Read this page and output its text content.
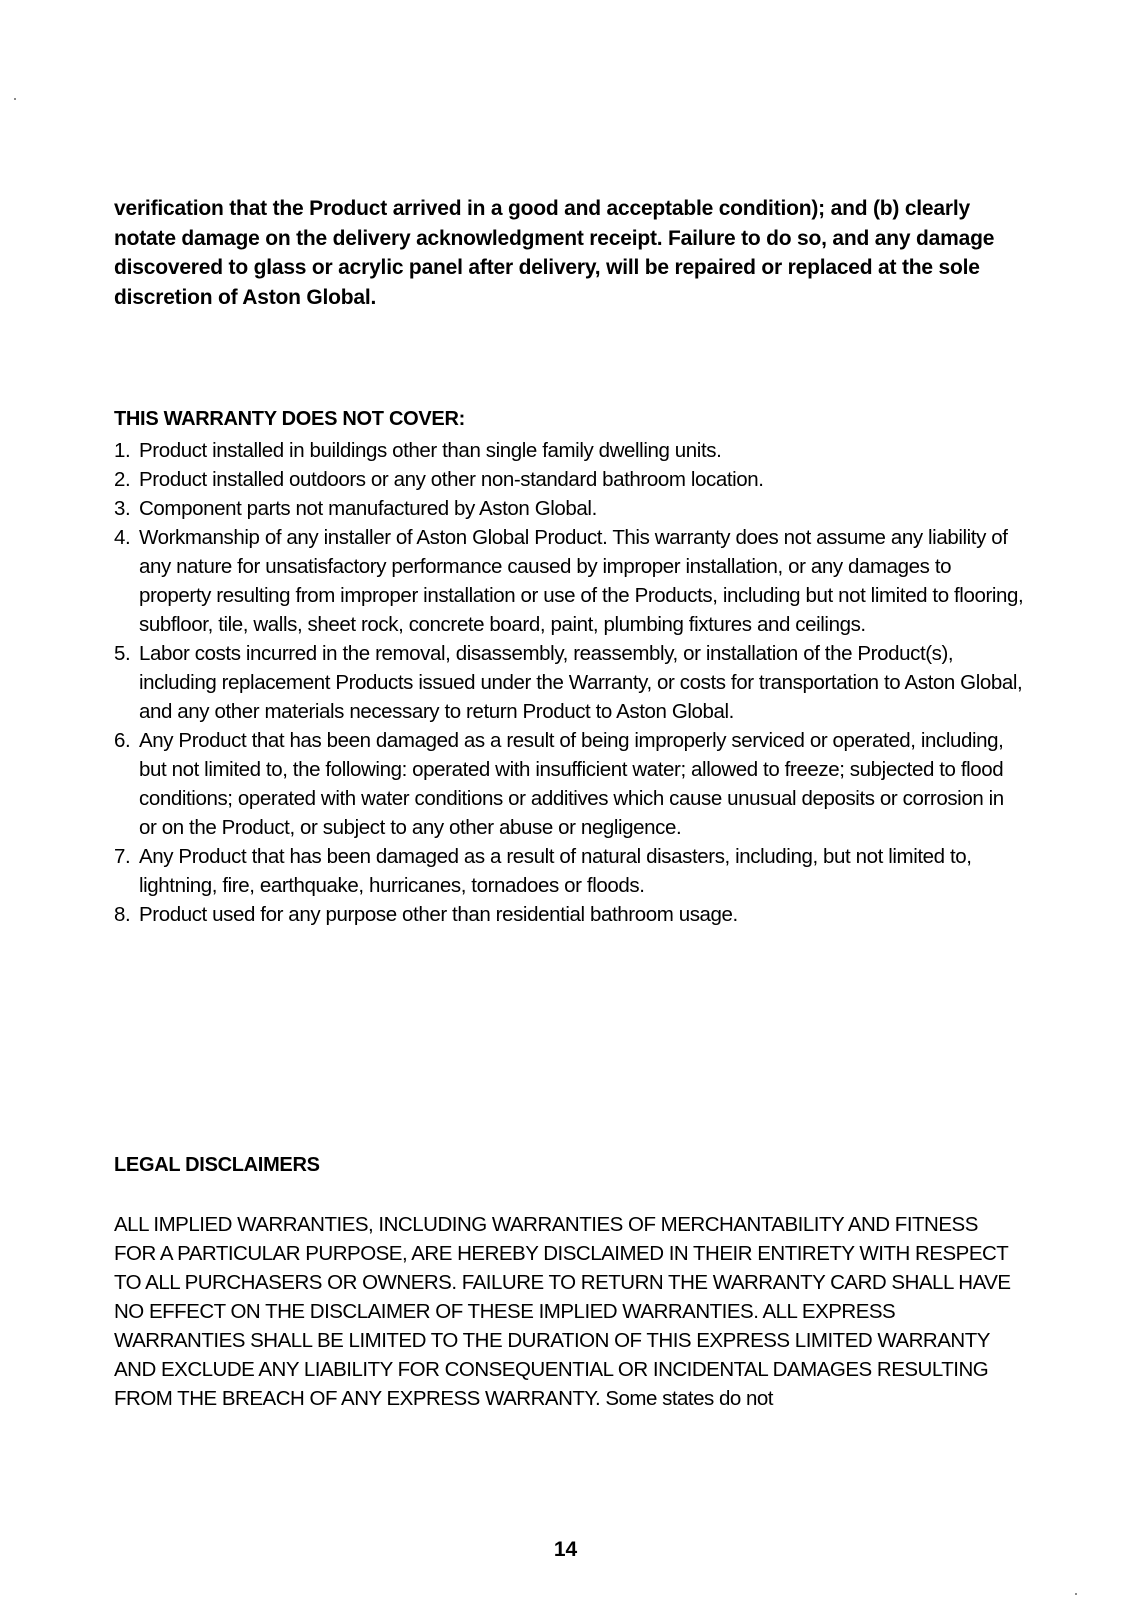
verification that the Product arrived in a good and acceptable condition); and (b) clearly notate damage on the delivery acknowledgment receipt. Failure to do so, and any damage discovered to glass or acrylic panel after delivery, will be repaired or replaced at the sole discretion of Aston Global.

THIS WARRANTY DOES NOT COVER:
1. Product installed in buildings other than single family dwelling units.
2. Product installed outdoors or any other non-standard bathroom location.
3. Component parts not manufactured by Aston Global.
4. Workmanship of any installer of Aston Global Product. This warranty does not assume any liability of any nature for unsatisfactory performance caused by improper installation, or any damages to property resulting from improper installation or use of the Products, including but not limited to flooring, subfloor, tile, walls, sheet rock, concrete board, paint, plumbing fixtures and ceilings.
5. Labor costs incurred in the removal, disassembly, reassembly, or installation of the Product(s), including replacement Products issued under the Warranty, or costs for transportation to Aston Global, and any other materials necessary to return Product to Aston Global.
6. Any Product that has been damaged as a result of being improperly serviced or operated, including, but not limited to, the following: operated with insufficient water; allowed to freeze; subjected to flood conditions; operated with water conditions or additives which cause unusual deposits or corrosion in or on the Product, or subject to any other abuse or negligence.
7. Any Product that has been damaged as a result of natural disasters, including, but not limited to, lightning, fire, earthquake, hurricanes, tornadoes or floods.
8. Product used for any purpose other than residential bathroom usage.
LEGAL DISCLAIMERS

ALL IMPLIED WARRANTIES, INCLUDING WARRANTIES OF MERCHANTABILITY AND FITNESS FOR A PARTICULAR PURPOSE, ARE HEREBY DISCLAIMED IN THEIR ENTIRETY WITH RESPECT TO ALL PURCHASERS OR OWNERS. FAILURE TO RETURN THE WARRANTY CARD SHALL HAVE NO EFFECT ON THE DISCLAIMER OF THESE IMPLIED WARRANTIES. ALL EXPRESS WARRANTIES SHALL BE LIMITED TO THE DURATION OF THIS EXPRESS LIMITED WARRANTY AND EXCLUDE ANY LIABILITY FOR CONSEQUENTIAL OR INCIDENTAL DAMAGES RESULTING FROM THE BREACH OF ANY EXPRESS WARRANTY. Some states do not

14
